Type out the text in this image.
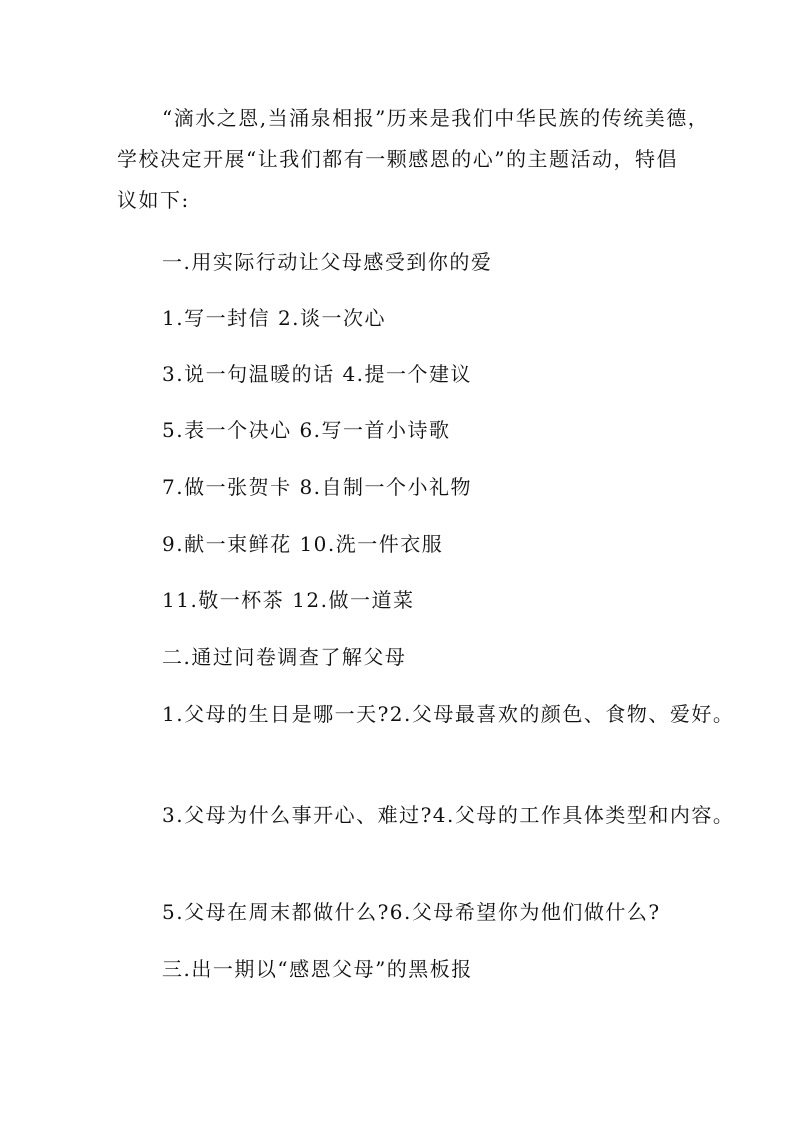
“滴水之恩,当涌泉相报”历来是我们中华民族的传统美德，
学校决定开展“让我们都有一颗感恩的心”的主题活动，特倡
议如下:
一.用实际行动让父母感受到你的爱
1.写一封信 2.谈一次心
3.说一句温暖的话 4.提一个建议
5.表一个决心 6.写一首小诗歌
7.做一张贺卡 8.自制一个小礼物
9.献一束鲜花 10.洗一件衣服
11.敬一杯茶 12.做一道菜
二.通过问卷调查了解父母
1.父母的生日是哪一天?2.父母最喜欢的颜色、食物、爱好。
3.父母为什么事开心、难过?4.父母的工作具体类型和内容。
5.父母在周末都做什么?6.父母希望你为他们做什么?
三.出一期以“感恩父母”的黑板报
